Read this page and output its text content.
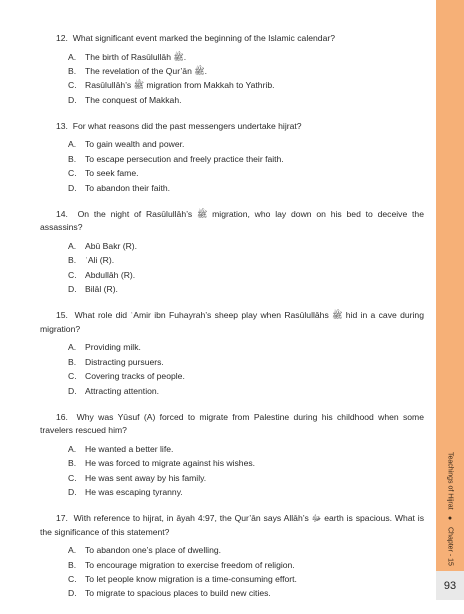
12. What significant event marked the beginning of the Islamic calendar?
A.	The birth of Rasūlullāh ﷺ.
B.	The revelation of the Qur’ān ﷺ.
C. Rasūlullāh’s ﷺ migration from Makkah to Yathrib.
D. The conquest of Makkah.
13. For what reasons did the past messengers undertake hijrat?
A.	To gain wealth and power.
B.	To escape persecution and freely practice their faith.
C. To seek fame.
D. To abandon their faith.
14. On the night of Rasūlullāh’s ﷺ migration, who lay down on his bed to deceive the assassins?
A.	Abū Bakr (R).
B.	ʿAli (R).
C. Abdullāh (R).
D. Bilāl (R).
15. What role did ʿAmir ibn Fuhayrah’s sheep play when Rasūlullāhs ﷺ hid in a cave during migration?
A.	Providing milk.
B.	Distracting pursuers.
C. Covering tracks of people.
D. Attracting attention.
16. Why was Yūsuf (A) forced to migrate from Palestine during his childhood when some travelers rescued him?
A.	He wanted a better life.
B.	He was forced to migrate against his wishes.
C. He was sent away by his family.
D. He was escaping tyranny.
17. With reference to hijrat, in āyah 4:97, the Qur’ān says Allāh’s ﷻ earth is spacious. What is the significance of this statement?
A.	To abandon one’s place of dwelling.
B.	To encourage migration to exercise freedom of religion.
C. To let people know migration is a time-consuming effort.
D. To migrate to spacious places to build new cities.
Teachings of Hijrat
●
Chapter - 15
93
